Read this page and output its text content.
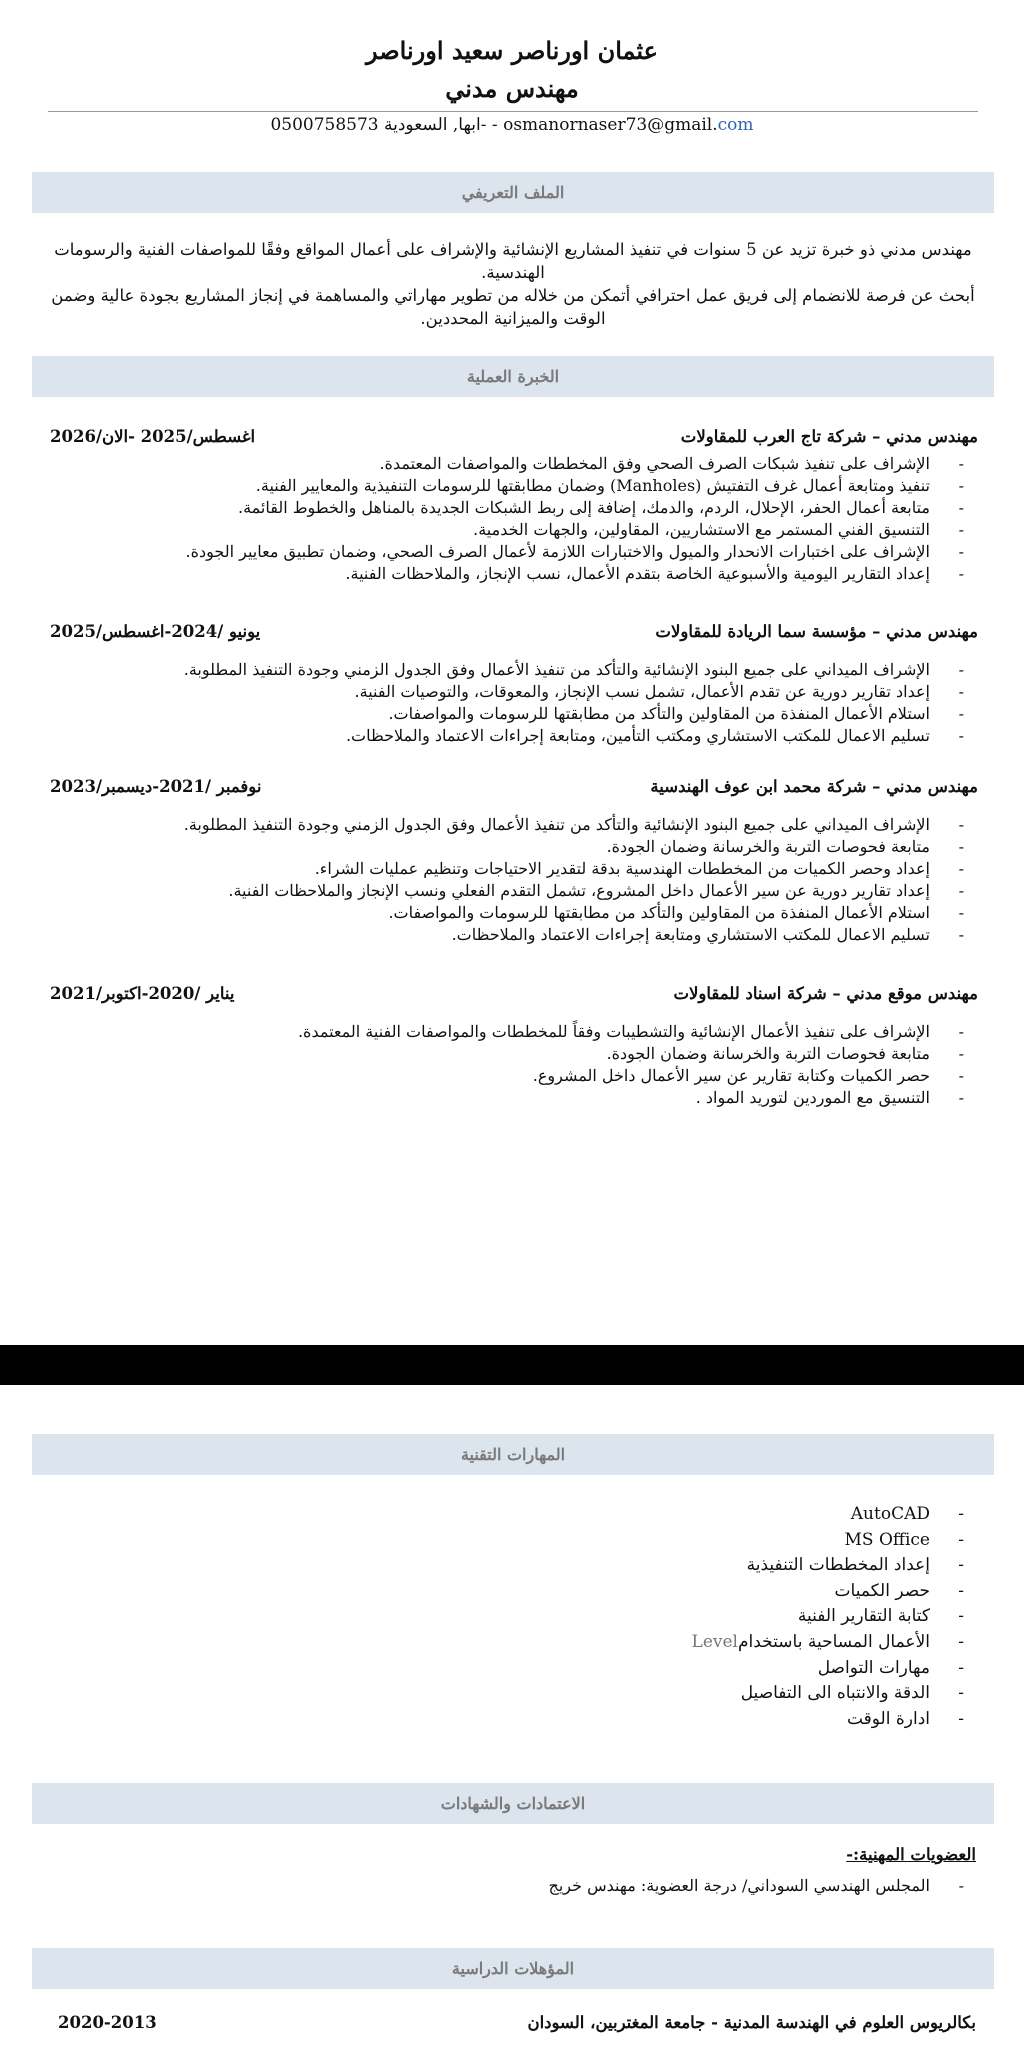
عثمان اورناصر سعيد اورناصر
مهندس مدني
ابها, السعودية 0500758573- - osmanornaser73@gmail.com
الملف التعريفي

مهندس مدني ذو خبرة تزيد عن 5 سنوات في تنفيذ المشاريع الإنشائية والإشراف على أعمال المواقع وفقًا للمواصفات الفنية والرسومات الهندسية.

أبحث عن فرصة للانضمام إلى فريق عمل احترافي أتمكن من خلاله من تطوير مهاراتي والمساهمة في إنجاز المشاريع بجودة عالية وضمن

الوقت والميزانية المحددين.

الخبرة العملية
مهندس مدني – شركة تاج العرب للمقاولات
اغسطس/2025 -الان/2026
- الإشراف على تنفيذ شبكات الصرف الصحي وفق المخططات والمواصفات المعتمدة.
- تنفيذ ومتابعة أعمال غرف التفتيش (Manholes) وضمان مطابقتها للرسومات التنفيذية والمعايير الفنية.
- متابعة أعمال الحفر، الإحلال، الردم، والدمك، إضافة إلى ربط الشبكات الجديدة بالمناهل والخطوط القائمة.
- التنسيق الفني المستمر مع الاستشاريين، المقاولين، والجهات الخدمية.
- الإشراف على اختبارات الانحدار والميول والاختبارات اللازمة لأعمال الصرف الصحي، وضمان تطبيق معايير الجودة.
- إعداد التقارير اليومية والأسبوعية الخاصة بتقدم الأعمال، نسب الإنجاز، والملاحظات الفنية.
مهندس مدني – مؤسسة سما الريادة للمقاولات
يونيو /2024-اغسطس/2025
- الإشراف الميداني على جميع البنود الإنشائية والتأكد من تنفيذ الأعمال وفق الجدول الزمني وجودة التنفيذ المطلوبة.
- إعداد تقارير دورية عن تقدم الأعمال، تشمل نسب الإنجاز، والمعوقات، والتوصيات الفنية.
- استلام الأعمال المنفذة من المقاولين والتأكد من مطابقتها للرسومات والمواصفات.
- تسليم الاعمال للمكتب الاستشاري ومكتب التأمين، ومتابعة إجراءات الاعتماد والملاحظات.
مهندس مدني – شركة محمد ابن عوف الهندسية
نوفمبر /2021-ديسمبر/2023
- الإشراف الميداني على جميع البنود الإنشائية والتأكد من تنفيذ الأعمال وفق الجدول الزمني وجودة التنفيذ المطلوبة.
- متابعة فحوصات التربة والخرسانة وضمان الجودة.
- إعداد وحصر الكميات من المخططات الهندسية بدقة لتقدير الاحتياجات وتنظيم عمليات الشراء.
- إعداد تقارير دورية عن سير الأعمال داخل المشروع، تشمل التقدم الفعلي ونسب الإنجاز والملاحظات الفنية.
- استلام الأعمال المنفذة من المقاولين والتأكد من مطابقتها للرسومات والمواصفات.
- تسليم الاعمال للمكتب الاستشاري ومتابعة إجراءات الاعتماد والملاحظات.
مهندس موقع مدني – شركة اسناد للمقاولات
يناير /2020-اكتوبر/2021
- الإشراف على تنفيذ الأعمال الإنشائية والتشطيبات وفقاً للمخططات والمواصفات الفنية المعتمدة.
- متابعة فحوصات التربة والخرسانة وضمان الجودة.
- حصر الكميات وكتابة تقارير عن سير الأعمال داخل المشروع.
- التنسيق مع الموردين لتوريد المواد .
المهارات التقنية
- AutoCAD
- MS Office
- إعداد المخططات التنفيذية
- حصر الكميات
- كتابة التقارير الفنية
- الأعمال المساحية باستخدامLevel
- مهارات التواصل
- الدقة والانتباه الى التفاصيل
- ادارة الوقت
الاعتمادات والشهادات
العضويات المهنية:-
- المجلس الهندسي السوداني/ درجة العضوية: مهندس خريج
المؤهلات الدراسية
بكالريوس العلوم في الهندسة المدنية - جامعة المغتربين، السودان
2020-2013
